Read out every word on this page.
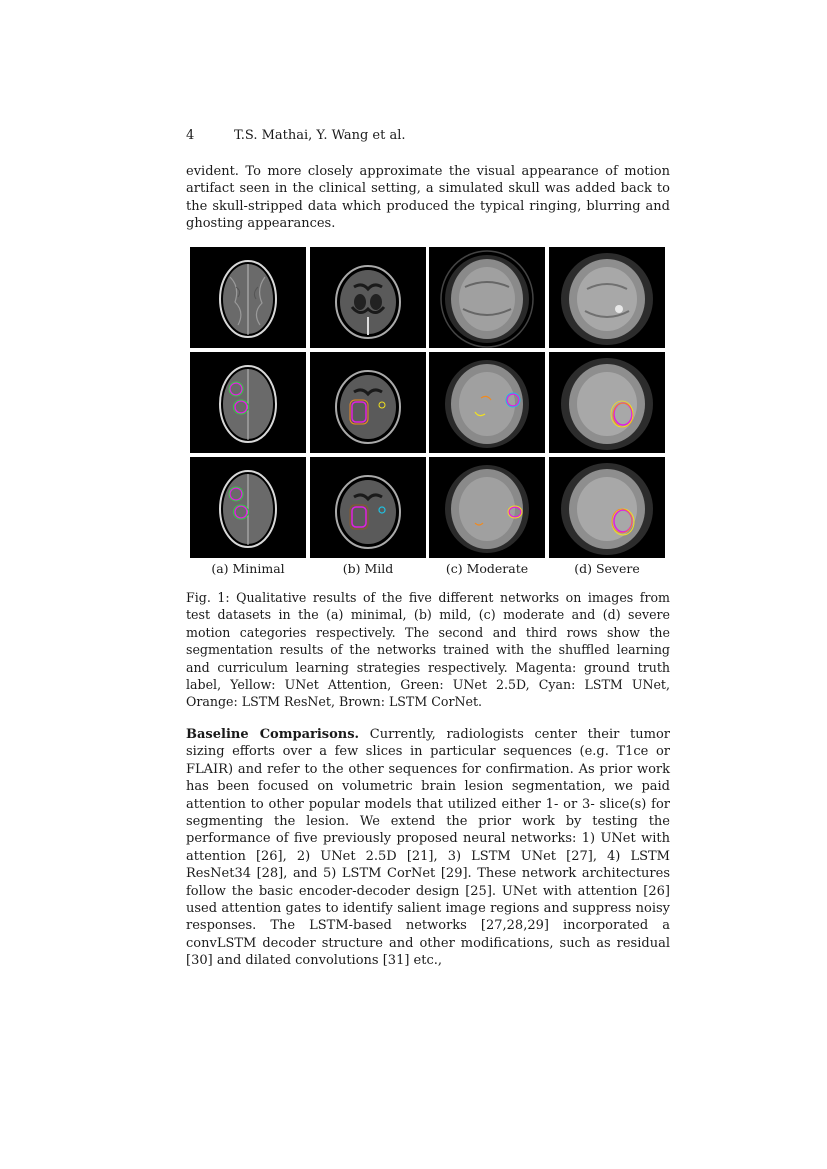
4	T.S. Mathai, Y. Wang et al.

evident. To more closely approximate the visual appearance of motion artifact seen in the clinical setting, a simulated skull was added back to the skull-stripped data which produced the typical ringing, blurring and ghosting appearances.

(a) Minimal	(b) Mild	(c) Moderate	(d) Severe

Fig. 1: Qualitative results of the five different networks on images from test datasets in the (a) minimal, (b) mild, (c) moderate and (d) severe motion categories respectively. The second and third rows show the segmentation results of the networks trained with the shuffled learning and curriculum learning strategies respectively. Magenta: ground truth label, Yellow: UNet Attention, Green: UNet 2.5D, Cyan: LSTM UNet, Orange: LSTM ResNet, Brown: LSTM CorNet.

Baseline Comparisons. Currently, radiologists center their tumor sizing efforts over a few slices in particular sequences (e.g. T1ce or FLAIR) and refer to the other sequences for confirmation. As prior work has been focused on volumetric brain lesion segmentation, we paid attention to other popular models that utilized either 1- or 3- slice(s) for segmenting the lesion. We extend the prior work by testing the performance of five previously proposed neural networks: 1) UNet with attention [26], 2) UNet 2.5D [21], 3) LSTM UNet [27], 4) LSTM ResNet34 [28], and 5) LSTM CorNet [29]. These network architectures follow the basic encoder-decoder design [25]. UNet with attention [26] used attention gates to identify salient image regions and suppress noisy responses. The LSTM-based networks [27,28,29] incorporated a convLSTM decoder structure and other modifications, such as residual [30] and dilated convolutions [31] etc.,
